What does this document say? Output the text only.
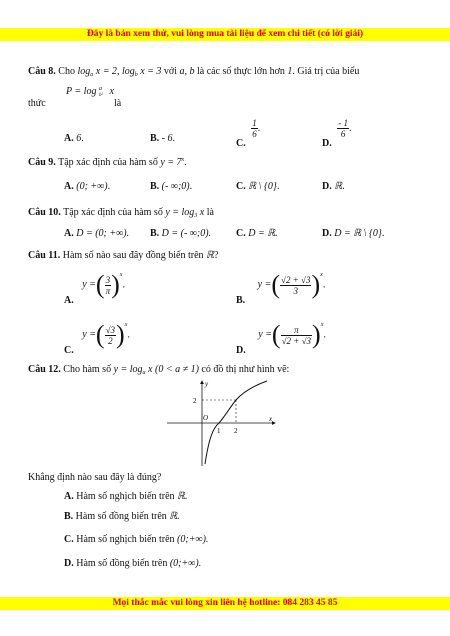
Đây là bản xem thử, vui lòng mua tài liệu để xem chi tiết (có lời giải)
Câu 8. Cho $\log_a x = 2$, $\log_b x = 3$ với a, b là các số thực lớn hơn 1. Giá trị của biểu
thức
P = log a
b² x
là
A. 6.	B. - 6.	C.
$\frac{1}{6}$ .
D.
$\frac{- 1}{6}$ .
Câu 9. Tập xác định của hàm số $y = 7^x$.
A. (0; +∞).	B. (- ∞;0).	C. ℝ \ {0}.	D. ℝ.
Câu 10. Tập xác định của hàm số $y = \log_3 x$ là
A. D = (0; +∞). B. D = (- ∞;0). C. D = ℝ.	D. D = ℝ \ {0}.
Câu 11. Hàm số nào sau đây đồng biến trên ℝ?
A. y =( $\frac{3}{\pi} )^x$.
B. y =( $\frac{√2 + √3}{3} )^x$.
C. y =( $\frac{√3}{2} )^x$.
D. y =( $\frac{\pi}{√2 + √3} )^x$.
Câu 12. Cho hàm số $y = \log_a x$ (0 < a ≠ 1) có đồ thị như hình vẽ:
y
x
O
1 2
2
Khẳng định nào sau đây là đúng?
A. Hàm số nghịch biến trên ℝ.
B. Hàm số đồng biến trên ℝ.
C. Hàm số nghịch biến trên (0;+∞).
D. Hàm số đồng biến trên (0;+∞).
Mọi thắc mắc vui lòng xin liên hệ hotline: 084 283 45 85
